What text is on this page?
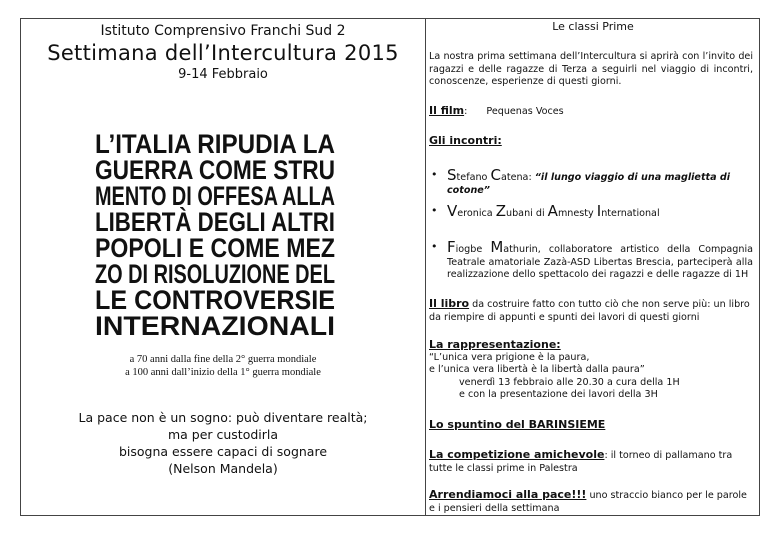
Istituto Comprensivo Franchi Sud 2
Settimana dell’Intercultura 2015
9-14 Febbraio
L’ITALIA RIPUDIA LA
GUERRA COME STRU
MENTO DI OFFESA ALLA
LIBERTÀ DEGLI ALTRI
POPOLI E COME MEZ
ZO DI RISOLUZIONE DEL
LE CONTROVERSIE
INTERNAZIONALI
a 70 anni dalla fine della 2° guerra mondiale
a 100 anni dall’inizio della 1° guerra mondiale
La pace non è un sogno: può diventare realtà;
ma per custodirla
bisogna essere capaci di sognare
(Nelson Mandela)
Le classi Prime
La nostra prima settimana dell’Intercultura si aprirà con l’invito dei ragazzi e delle ragazze di Terza a seguirli nel viaggio di incontri, conoscenze, esperienze di questi giorni.
Il film: Pequenas Voces
Gli incontri:
• Stefano Catena: “il lungo viaggio di una maglietta di cotone”
• Veronica Zubani di Amnesty International
• Fiogbe Mathurin, collaboratore artistico della Compagnia Teatrale amatoriale Zazà-ASD Libertas Brescia, parteciperà alla realizzazione dello spettacolo dei ragazzi e delle ragazze di 1H
Il libro da costruire fatto con tutto ciò che non serve più: un libro da riempire di appunti e spunti dei lavori di questi giorni
La rappresentazione:
“L’unica vera prigione è la paura,
e l’unica vera libertà è la libertà dalla paura”
venerdì 13 febbraio alle 20.30 a cura della 1H
e con la presentazione dei lavori della 3H
Lo spuntino del BARINSIEME
La competizione amichevole: il torneo di pallamano tra tutte le classi prime in Palestra
Arrendiamoci alla pace!!! uno straccio bianco per le parole e i pensieri della settimana
